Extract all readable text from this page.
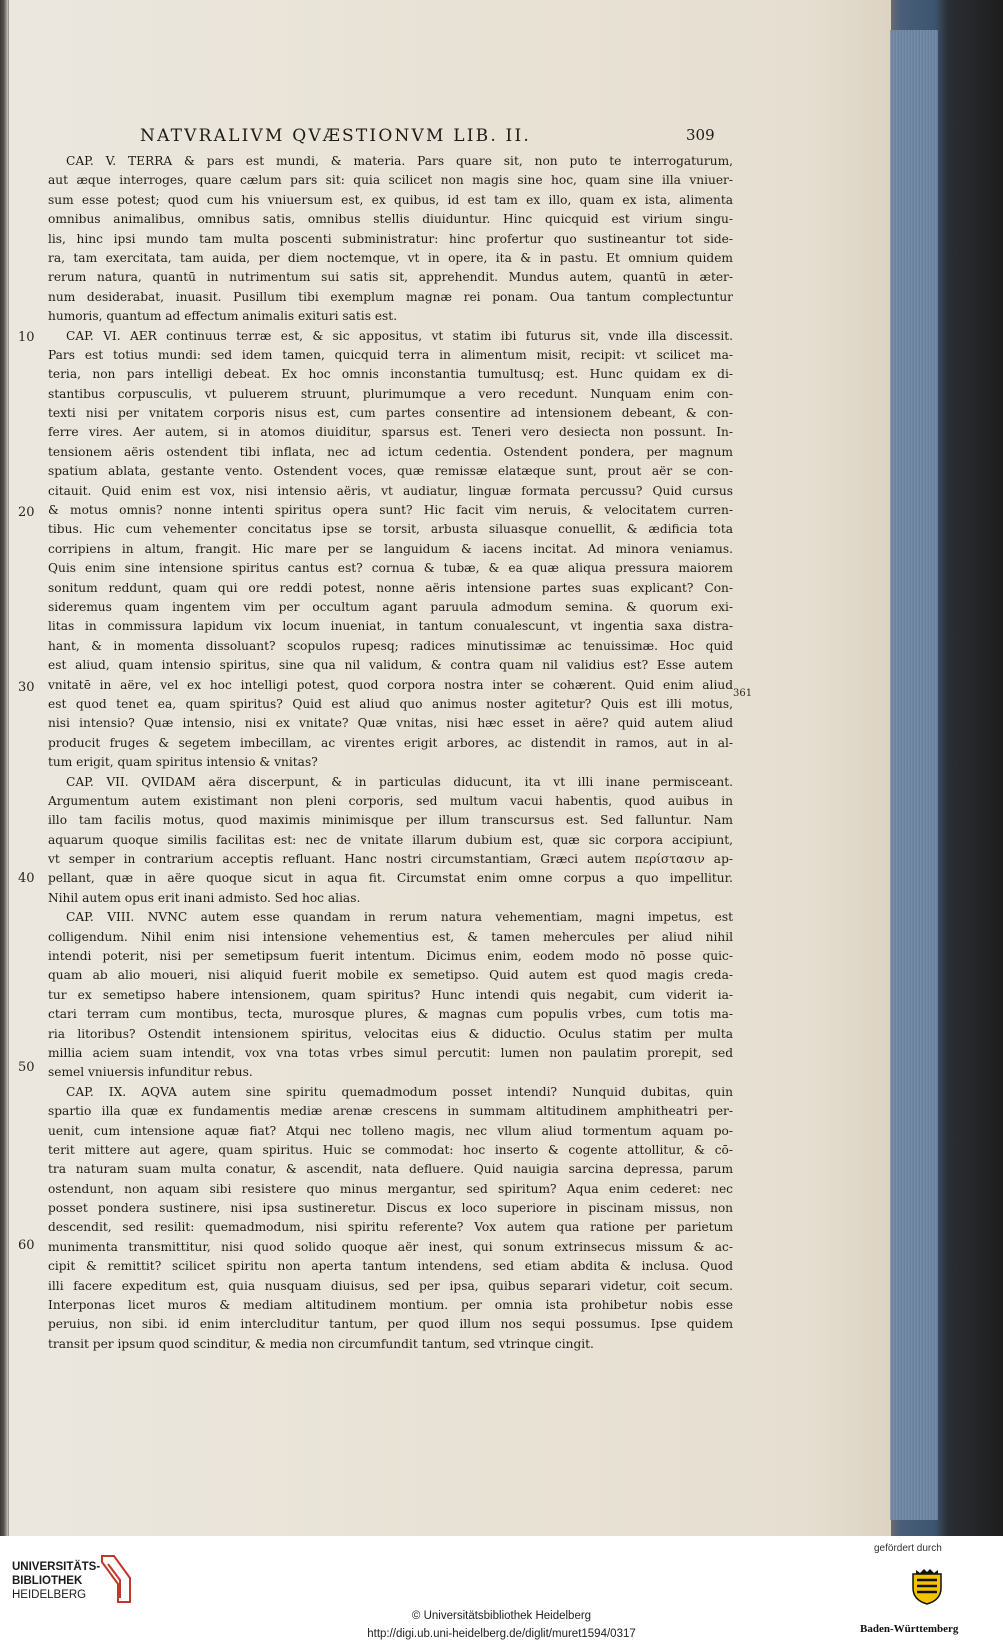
NATVRALIVM QVÆSTIONVM LIB. II.	309
CAP. V. TERRA & pars est mundi, & materia. Pars quare sit, non puto te interrogaturum,
aut æque interroges, quare cælum pars sit: quia scilicet non magis sine hoc, quam sine illa vniuer-
sum esse potest; quod cum his vniuersum est, ex quibus, id est tam ex illo, quam ex ista, alimenta
omnibus animalibus, omnibus satis, omnibus stellis diuiduntur. Hinc quicquid est virium singu-
lis, hinc ipsi mundo tam multa poscenti subministratur: hinc profertur quo sustineantur tot side-
ra, tam exercitata, tam auida, per diem noctemque, vt in opere, ita & in pastu. Et omnium quidem
rerum natura, quantū in nutrimentum sui satis sit, apprehendit. Mundus autem, quantū in æter-
num desiderabat, inuasit. Pusillum tibi exemplum magnæ rei ponam. Oua tantum complectuntur
humoris, quantum ad effectum animalis exituri satis est.
CAP. VI. AER continuus terræ est, & sic appositus, vt statim ibi futurus sit, vnde illa discessit.
Pars est totius mundi: sed idem tamen, quicquid terra in alimentum misit, recipit: vt scilicet ma-
teria, non pars intelligi debeat. Ex hoc omnis inconstantia tumultusq; est. Hunc quidam ex di-
stantibus corpusculis, vt puluerem struunt, plurimumque a vero recedunt. Nunquam enim con-
texti nisi per vnitatem corporis nisus est, cum partes consentire ad intensionem debeant, & con-
ferre vires. Aer autem, si in atomos diuiditur, sparsus est. Teneri vero desiecta non possunt. In-
tensionem aëris ostendent tibi inflata, nec ad ictum cedentia. Ostendent pondera, per magnum
spatium ablata, gestante vento. Ostendent voces, quæ remissæ elatæque sunt, prout aër se con-
citauit. Quid enim est vox, nisi intensio aëris, vt audiatur, linguæ formata percussu? Quid cursus
& motus omnis? nonne intenti spiritus opera sunt? Hic facit vim neruis, & velocitatem curren-
tibus. Hic cum vehementer concitatus ipse se torsit, arbusta siluasque conuellit, & ædificia tota
corripiens in altum, frangit. Hic mare per se languidum & iacens incitat. Ad minora veniamus.
Quis enim sine intensione spiritus cantus est? cornua & tubæ, & ea quæ aliqua pressura maiorem
sonitum reddunt, quam qui ore reddi potest, nonne aëris intensione partes suas explicant? Con-
sideremus quam ingentem vim per occultum agant paruula admodum semina. & quorum exi-
litas in commissura lapidum vix locum inueniat, in tantum conualescunt, vt ingentia saxa distra-
hant, & in momenta dissoluant? scopulos rupesq; radices minutissimæ ac tenuissimæ. Hoc quid
est aliud, quam intensio spiritus, sine qua nil validum, & contra quam nil validius est? Esse autem
vnitatē in aëre, vel ex hoc intelligi potest, quod corpora nostra inter se cohærent. Quid enim aliud
est quod tenet ea, quam spiritus? Quid est aliud quo animus noster agitetur? Quis est illi motus,
nisi intensio? Quæ intensio, nisi ex vnitate? Quæ vnitas, nisi hæc esset in aëre? quid autem aliud
producit fruges & segetem imbecillam, ac virentes erigit arbores, ac distendit in ramos, aut in al-
tum erigit, quam spiritus intensio & vnitas?
CAP. VII. QVIDAM aëra discerpunt, & in particulas diducunt, ita vt illi inane permisceant.
Argumentum autem existimant non pleni corporis, sed multum vacui habentis, quod auibus in
illo tam facilis motus, quod maximis minimisque per illum transcursus est. Sed falluntur. Nam
aquarum quoque similis facilitas est: nec de vnitate illarum dubium est, quæ sic corpora accipiunt,
vt semper in contrarium acceptis refluant. Hanc nostri circumstantiam, Græci autem περίστασιν ap-
pellant, quæ in aëre quoque sicut in aqua fit. Circumstat enim omne corpus a quo impellitur.
Nihil autem opus erit inani admisto. Sed hoc alias.
CAP. VIII. NVNC autem esse quandam in rerum natura vehementiam, magni impetus, est
colligendum. Nihil enim nisi intensione vehementius est, & tamen mehercules per aliud nihil
intendi poterit, nisi per semetipsum fuerit intentum. Dicimus enim, eodem modo nō posse quic-
quam ab alio moueri, nisi aliquid fuerit mobile ex semetipso. Quid autem est quod magis creda-
tur ex semetipso habere intensionem, quam spiritus? Hunc intendi quis negabit, cum viderit ia-
ctari terram cum montibus, tecta, murosque plures, & magnas cum populis vrbes, cum totis ma-
ria litoribus? Ostendit intensionem spiritus, velocitas eius & diductio. Oculus statim per multa
millia aciem suam intendit, vox vna totas vrbes simul percutit: lumen non paulatim prorepit, sed
semel vniuersis infunditur rebus.
CAP. IX. AQVA autem sine spiritu quemadmodum posset intendi? Nunquid dubitas, quin
spartio illa quæ ex fundamentis mediæ arenæ crescens in summam altitudinem amphitheatri per-
uenit, cum intensione aquæ fiat? Atqui nec tolleno magis, nec vllum aliud tormentum aquam po-
terit mittere aut agere, quam spiritus. Huic se commodat: hoc inserto & cogente attollitur, & cō-
tra naturam suam multa conatur, & ascendit, nata defluere. Quid nauigia sarcina depressa, parum
ostendunt, non aquam sibi resistere quo minus mergantur, sed spiritum? Aqua enim cederet: nec
posset pondera sustinere, nisi ipsa sustineretur. Discus ex loco superiore in piscinam missus, non
descendit, sed resilit: quemadmodum, nisi spiritu referente? Vox autem qua ratione per parietum
munimenta transmittitur, nisi quod solido quoque aër inest, qui sonum extrinsecus missum & ac-
cipit & remittit? scilicet spiritu non aperta tantum intendens, sed etiam abdita & inclusa. Quod
illi facere expeditum est, quia nusquam diuisus, sed per ipsa, quibus separari videtur, coit secum.
Interponas licet muros & mediam altitudinem montium. per omnia ista prohibetur nobis esse
peruius, non sibi. id enim intercluditur tantum, per quod illum nos sequi possumus. Ipse quidem
transit per ipsum quod scinditur, & media non circumfundit tantum, sed vtrinque cingit.
10
20
30
40
50
60
361
UNIVERSITÄTS-
BIBLIOTHEK
HEIDELBERG
© Universitätsbibliothek Heidelberg
http://digi.ub.uni-heidelberg.de/diglit/muret1594/0317
gefördert durch
Baden-Württemberg
